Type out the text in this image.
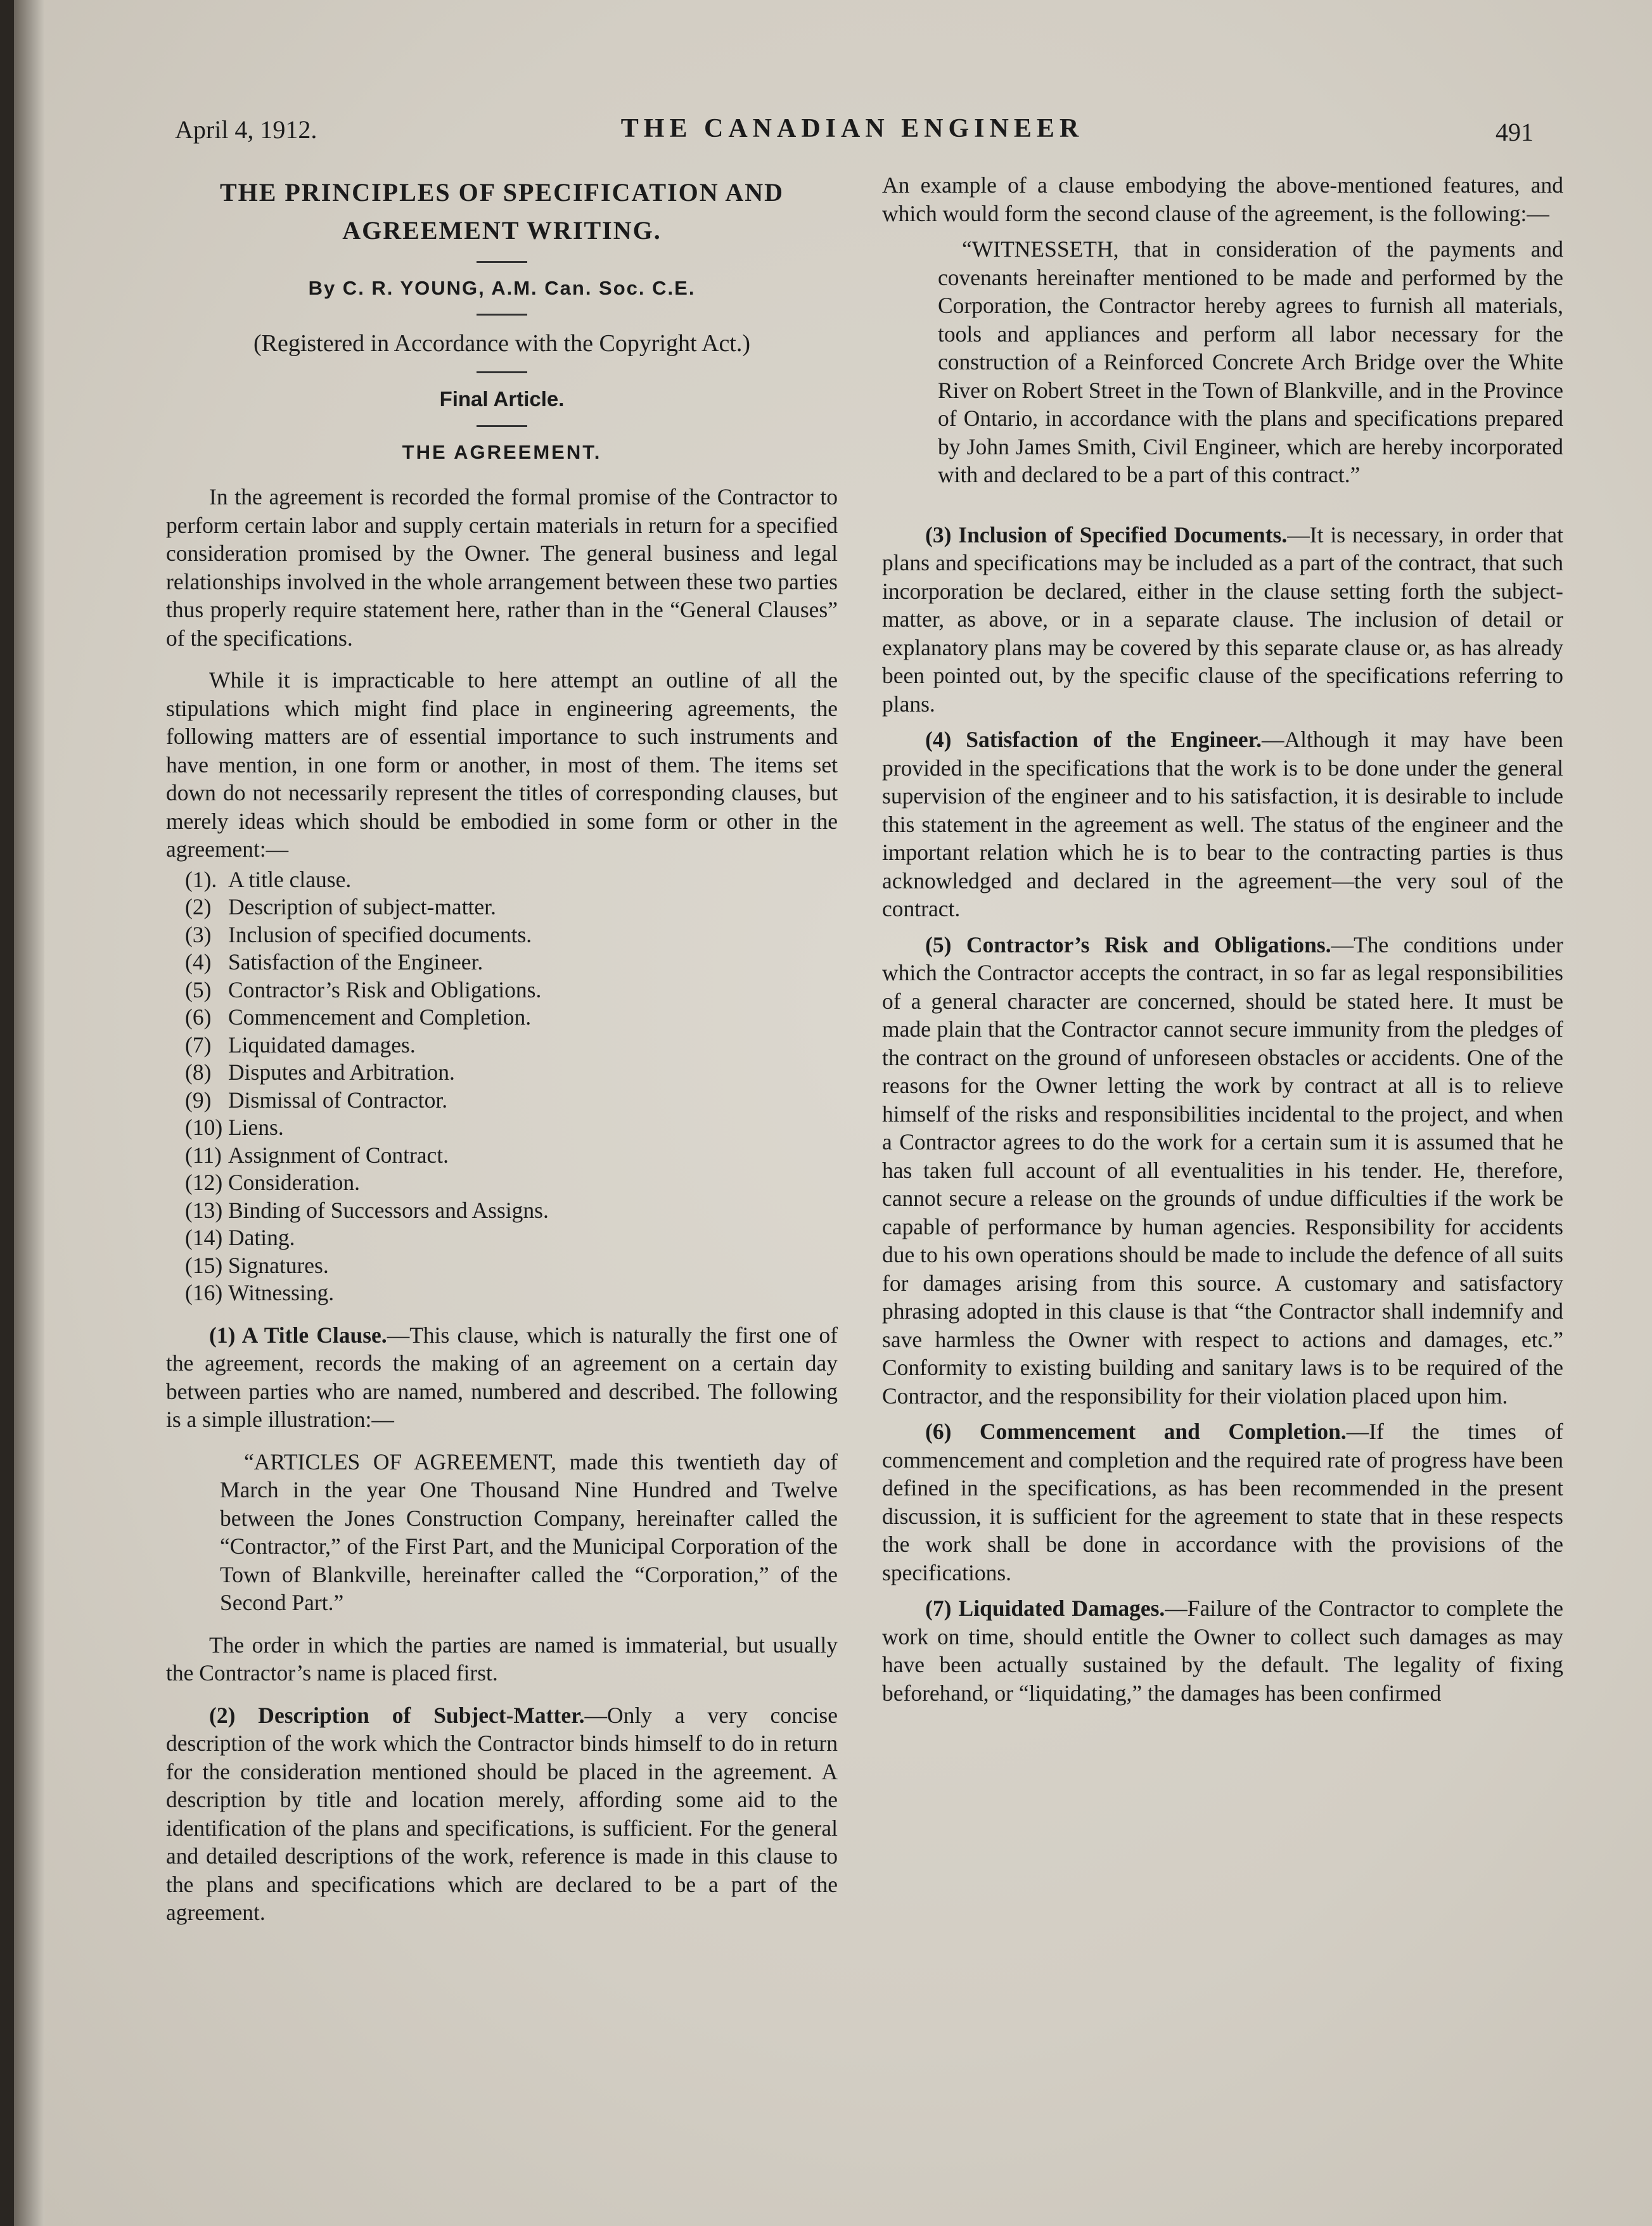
April 4, 1912.	THE CANADIAN ENGINEER	491
THE PRINCIPLES OF SPECIFICATION AND
AGREEMENT WRITING.
By C. R. YOUNG, A.M. Can. Soc. C.E.
(Registered in Accordance with the Copyright Act.)
Final Article.
THE AGREEMENT.

In the agreement is recorded the formal promise of the Contractor to perform certain labor and supply certain materials in return for a specified consideration promised by the Owner. The general business and legal relationships involved in the whole arrangement between these two parties thus properly require statement here, rather than in the “General Clauses” of the specifications.

While it is impracticable to here attempt an outline of all the stipulations which might find place in engineering agreements, the following matters are of essential importance to such instruments and have mention, in one form or another, in most of them. The items set down do not necessarily represent the titles of corresponding clauses, but merely ideas which should be embodied in some form or other in the agreement:—

(1). A title clause.
(2) Description of subject-matter.
(3) Inclusion of specified documents.
(4) Satisfaction of the Engineer.
(5) Contractor’s Risk and Obligations.
(6) Commencement and Completion.
(7) Liquidated damages.
(8) Disputes and Arbitration.
(9) Dismissal of Contractor.
(10) Liens.
(11) Assignment of Contract.
(12) Consideration.
(13) Binding of Successors and Assigns.
(14) Dating.
(15) Signatures.
(16) Witnessing.

(1) A Title Clause.—This clause, which is naturally the first one of the agreement, records the making of an agreement on a certain day between parties who are named, numbered and described. The following is a simple illustration:—

“ARTICLES OF AGREEMENT, made this twentieth day of March in the year One Thousand Nine Hundred and Twelve between the Jones Construction Company, hereinafter called the “Contractor,” of the First Part, and the Municipal Corporation of the Town of Blankville, hereinafter called the “Corporation,” of the Second Part.”

The order in which the parties are named is immaterial, but usually the Contractor’s name is placed first.

(2) Description of Subject-Matter.—Only a very concise description of the work which the Contractor binds himself to do in return for the consideration mentioned should be placed in the agreement. A description by title and location merely, affording some aid to the identification of the plans and specifications, is sufficient. For the general and detailed descriptions of the work, reference is made in this clause to the plans and specifications which are declared to be a part of the agreement.

An example of a clause embodying the above-mentioned features, and which would form the second clause of the agreement, is the following:—

“WITNESSETH, that in consideration of the payments and covenants hereinafter mentioned to be made and performed by the Corporation, the Contractor hereby agrees to furnish all materials, tools and appliances and perform all labor necessary for the construction of a Reinforced Concrete Arch Bridge over the White River on Robert Street in the Town of Blankville, and in the Province of Ontario, in accordance with the plans and specifications prepared by John James Smith, Civil Engineer, which are hereby incorporated with and declared to be a part of this contract.”

(3) Inclusion of Specified Documents.—It is necessary, in order that plans and specifications may be included as a part of the contract, that such incorporation be declared, either in the clause setting forth the subject-matter, as above, or in a separate clause. The inclusion of detail or explanatory plans may be covered by this separate clause or, as has already been pointed out, by the specific clause of the specifications referring to plans.

(4) Satisfaction of the Engineer.—Although it may have been provided in the specifications that the work is to be done under the general supervision of the engineer and to his satisfaction, it is desirable to include this statement in the agreement as well. The status of the engineer and the important relation which he is to bear to the contracting parties is thus acknowledged and declared in the agreement—the very soul of the contract.

(5) Contractor’s Risk and Obligations.—The conditions under which the Contractor accepts the contract, in so far as legal responsibilities of a general character are concerned, should be stated here. It must be made plain that the Contractor cannot secure immunity from the pledges of the contract on the ground of unforeseen obstacles or accidents. One of the reasons for the Owner letting the work by contract at all is to relieve himself of the risks and responsibilities incidental to the project, and when a Contractor agrees to do the work for a certain sum it is assumed that he has taken full account of all eventualities in his tender. He, therefore, cannot secure a release on the grounds of undue difficulties if the work be capable of performance by human agencies. Responsibility for accidents due to his own operations should be made to include the defence of all suits for damages arising from this source. A customary and satisfactory phrasing adopted in this clause is that “the Contractor shall indemnify and save harmless the Owner with respect to actions and damages, etc.” Conformity to existing building and sanitary laws is to be required of the Contractor, and the responsibility for their violation placed upon him.

(6) Commencement and Completion.—If the times of commencement and completion and the required rate of progress have been defined in the specifications, as has been recommended in the present discussion, it is sufficient for the agreement to state that in these respects the work shall be done in accordance with the provisions of the specifications.

(7) Liquidated Damages.—Failure of the Contractor to complete the work on time, should entitle the Owner to collect such damages as may have been actually sustained by the default. The legality of fixing beforehand, or “liquidating,” the damages has been confirmed
